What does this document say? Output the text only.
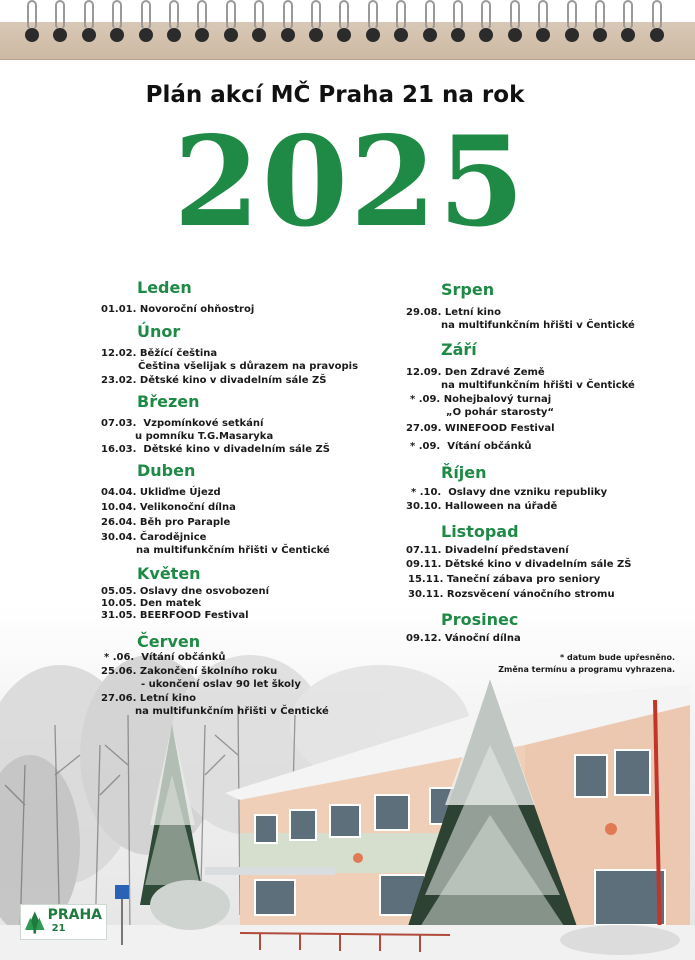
Plán akcí MČ Praha 21 na rok
2025
Leden
01.01. Novoroční ohňostroj
Únor
12.02. Běžící čeština
Čeština všelijak s důrazem na pravopis
23.02. Dětské kino v divadelním sále ZŠ
Březen
07.03. Vzpomínkové setkání
u pomníku T.G.Masaryka
16.03. Dětské kino v divadelním sále ZŠ
Duben
04.04. Ukliďme Újezd
10.04. Velikonoční dílna
26.04. Běh pro Paraple
30.04. Čarodějnice
na multifunkčním hřišti v Čentické
Květen
05.05. Oslavy dne osvobození
10.05. Den matek
31.05. BEERFOOD Festival
Červen
* .06. Vítání občánků
25.06. Zakončení školního roku
- ukončení oslav 90 let školy
27.06. Letní kino
na multifunkčním hřišti v Čentické
Srpen
29.08. Letní kino
na multifunkčním hřišti v Čentické
Září
12.09. Den Zdravé Země
na multifunkčním hřišti v Čentické
* .09. Nohejbalový turnaj
„O pohár starosty“
27.09. WINEFOOD Festival
* .09. Vítání občánků
Říjen
* .10. Oslavy dne vzniku republiky
30.10. Halloween na úřadě
Listopad
07.11. Divadelní představení
09.11. Dětské kino v divadelním sále ZŠ
15.11. Taneční zábava pro seniory
30.11. Rozsvěcení vánočního stromu
Prosinec
09.12. Vánoční dílna
* datum bude upřesněno.
Změna termínu a programu vyhrazena.
PRAHA
21
